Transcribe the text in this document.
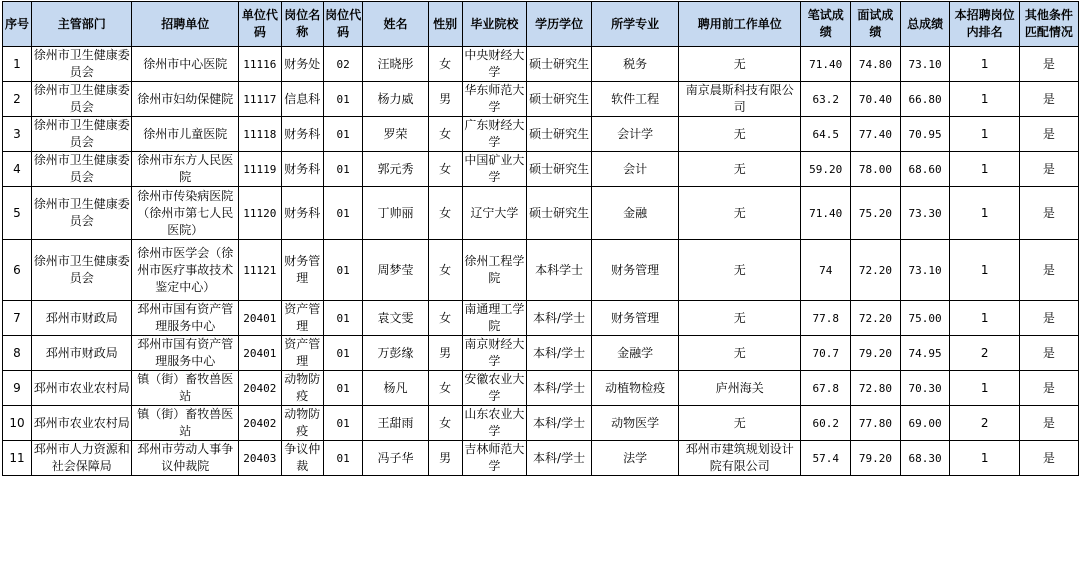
序号	主管部门	招聘单位	单位代码	岗位名称	岗位代码	姓名	性别	毕业院校	学历学位	所学专业	聘用前工作单位	笔试成绩	面试成绩	总成绩	本招聘岗位内排名	其他条件匹配情况
1	徐州市卫生健康委员会	徐州市中心医院	11116	财务处	02	汪晓彤	女	中央财经大学	硕士研究生	税务	无	71.40	74.80	73.10	1	是
2	徐州市卫生健康委员会	徐州市妇幼保健院	11117	信息科	01	杨力威	男	华东师范大学	硕士研究生	软件工程	南京晨斯科技有限公司	63.2	70.40	66.80	1	是
3	徐州市卫生健康委员会	徐州市儿童医院	11118	财务科	01	罗荣	女	广东财经大学	硕士研究生	会计学	无	64.5	77.40	70.95	1	是
4	徐州市卫生健康委员会	徐州市东方人民医院	11119	财务科	01	郭元秀	女	中国矿业大学	硕士研究生	会计	无	59.20	78.00	68.60	1	是
5	徐州市卫生健康委员会	徐州市传染病医院（徐州市第七人民医院）	11120	财务科	01	丁帅丽	女	辽宁大学	硕士研究生	金融	无	71.40	75.20	73.30	1	是
6	徐州市卫生健康委员会	徐州市医学会（徐州市医疗事故技术鉴定中心）	11121	财务管理	01	周梦莹	女	徐州工程学院	本科学士	财务管理	无	74	72.20	73.10	1	是
7	邳州市财政局	邳州市国有资产管理服务中心	20401	资产管理	01	袁文雯	女	南通理工学院	本科/学士	财务管理	无	77.8	72.20	75.00	1	是
8	邳州市财政局	邳州市国有资产管理服务中心	20401	资产管理	01	万彭缘	男	南京财经大学	本科/学士	金融学	无	70.7	79.20	74.95	2	是
9	邳州市农业农村局	镇（街）畜牧兽医站	20402	动物防疫	01	杨凡	女	安徽农业大学	本科/学士	动植物检疫	庐州海关	67.8	72.80	70.30	1	是
10	邳州市农业农村局	镇（街）畜牧兽医站	20402	动物防疫	01	王甜雨	女	山东农业大学	本科/学士	动物医学	无	60.2	77.80	69.00	2	是
11	邳州市人力资源和社会保障局	邳州市劳动人事争议仲裁院	20403	争议仲裁	01	冯子华	男	吉林师范大学	本科/学士	法学	邳州市建筑规划设计院有限公司	57.4	79.20	68.30	1	是
